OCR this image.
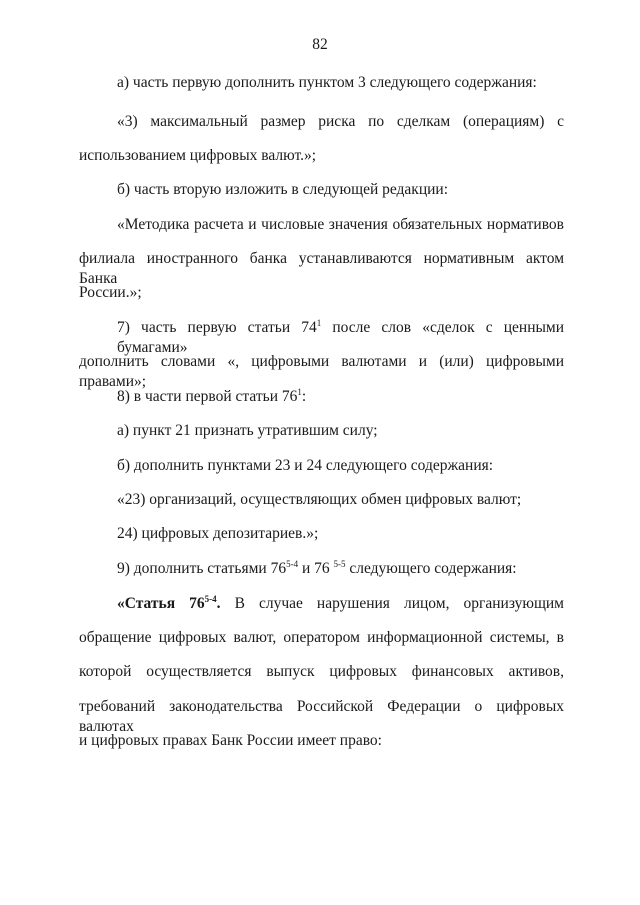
82
а) часть первую дополнить пунктом 3 следующего содержания:
«3) максимальный размер риска по сделкам (операциям) с
использованием цифровых валют.»;
б) часть вторую изложить в следующей редакции:
«Методика расчета и числовые значения обязательных нормативов
филиала иностранного банка устанавливаются нормативным актом Банка
России.»;
7) часть первую статьи $74^1$ после слов «сделок с ценными бумагами»
дополнить словами «, цифровыми валютами и (или) цифровыми правами»;
8) в части первой статьи $76^1$:
а) пункт 21 признать утратившим силу;
б) дополнить пунктами 23 и 24 следующего содержания:
«23) организаций, осуществляющих обмен цифровых валют;
24) цифровых депозитариев.»;
9) дополнить статьями 76$^{5-4}$ и 76 $^{5-5}$ следующего содержания:
«Статья 76$^{5-4}$. В случае нарушения лицом, организующим
обращение цифровых валют, оператором информационной системы, в
которой осуществляется выпуск цифровых финансовых активов,
требований законодательства Российской Федерации о цифровых валютах
и цифровых правах Банк России имеет право:
